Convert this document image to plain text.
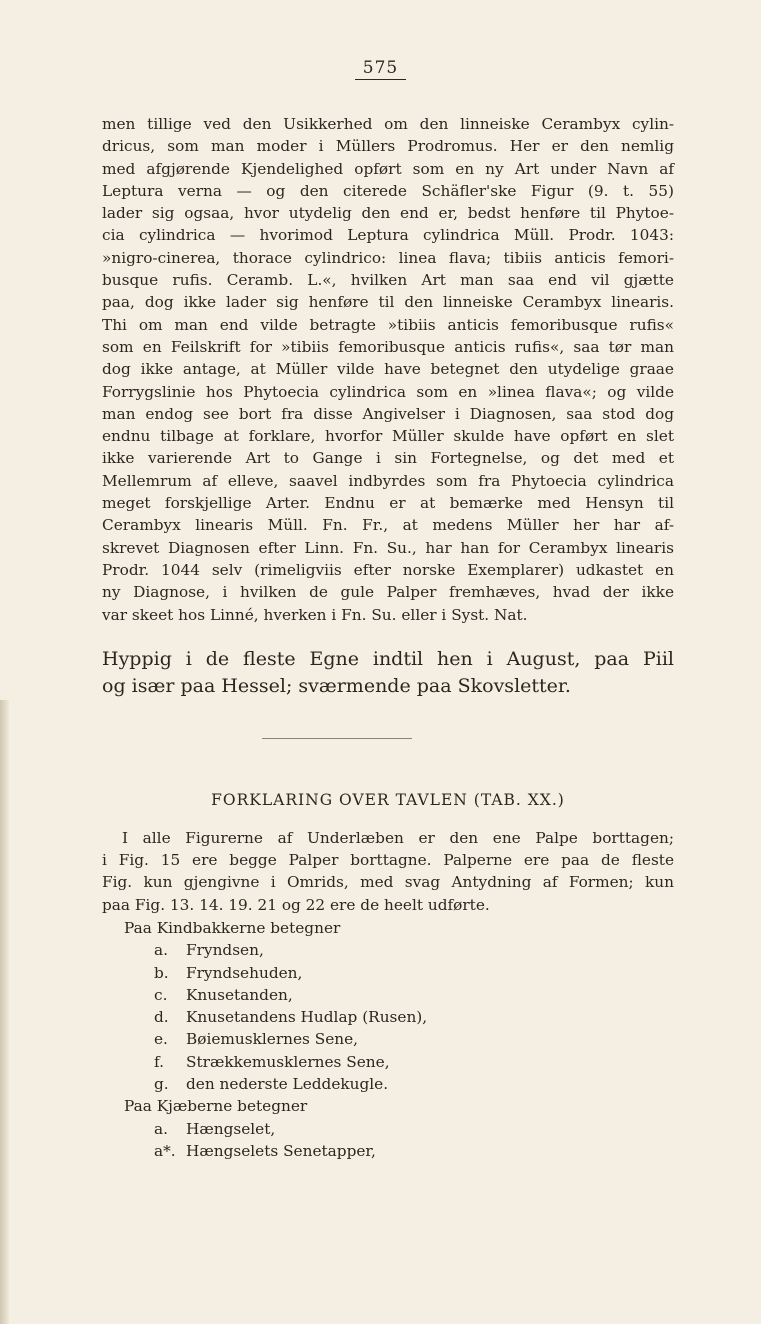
575
men tillige ved den Usikkerhed om den linneiske Cerambyx cylin-
dricus, som man moder i Müllers Prodromus. Her er den nemlig
med afgjørende Kjendelighed opført som en ny Art under Navn af
Leptura verna — og den citerede Schäfler'ske Figur (9. t. 55)
lader sig ogsaa, hvor utydelig den end er, bedst henføre til Phytoe-
cia cylindrica — hvorimod Leptura cylindrica Müll. Prodr. 1043:
»nigro-cinerea, thorace cylindrico: linea flava; tibiis anticis femori-
busque rufis. Ceramb. L.«, hvilken Art man saa end vil gjætte
paa, dog ikke lader sig henføre til den linneiske Cerambyx linearis.
Thi om man end vilde betragte »tibiis anticis femoribusque rufis«
som en Feilskrift for »tibiis femoribusque anticis rufis«, saa tør man
dog ikke antage, at Müller vilde have betegnet den utydelige graae
Forrygslinie hos Phytoecia cylindrica som en »linea flava«; og vilde
man endog see bort fra disse Angivelser i Diagnosen, saa stod dog
endnu tilbage at forklare, hvorfor Müller skulde have opført en slet
ikke varierende Art to Gange i sin Fortegnelse, og det med et
Mellemrum af elleve, saavel indbyrdes som fra Phytoecia cylindrica
meget forskjellige Arter. Endnu er at bemærke med Hensyn til
Cerambyx linearis Müll. Fn. Fr., at medens Müller her har af-
skrevet Diagnosen efter Linn. Fn. Su., har han for Cerambyx linearis
Prodr. 1044 selv (rimeligviis efter norske Exemplarer) udkastet en
ny Diagnose, i hvilken de gule Palper fremhæves, hvad der ikke
var skeet hos Linné, hverken i Fn. Su. eller i Syst. Nat.
Hyppig i de fleste Egne indtil hen i August, paa Piil
og især paa Hessel; sværmende paa Skovsletter.
FORKLARING OVER TAVLEN (TAB. XX.)
I alle Figurerne af Underlæben er den ene Palpe borttagen;
i Fig. 15 ere begge Palper borttagne. Palperne ere paa de fleste
Fig. kun gjengivne i Omrids, med svag Antydning af Formen; kun
paa Fig. 13. 14. 19. 21 og 22 ere de heelt udførte.
Paa Kindbakkerne betegner
a. Fryndsen,
b. Fryndsehuden,
c. Knusetanden,
d. Knusetandens Hudlap (Rusen),
e. Bøiemusklernes Sene,
f. Strækkemusklernes Sene,
g. den nederste Leddekugle.
Paa Kjæberne betegner
a. Hængselet,
a*. Hængselets Senetapper,
